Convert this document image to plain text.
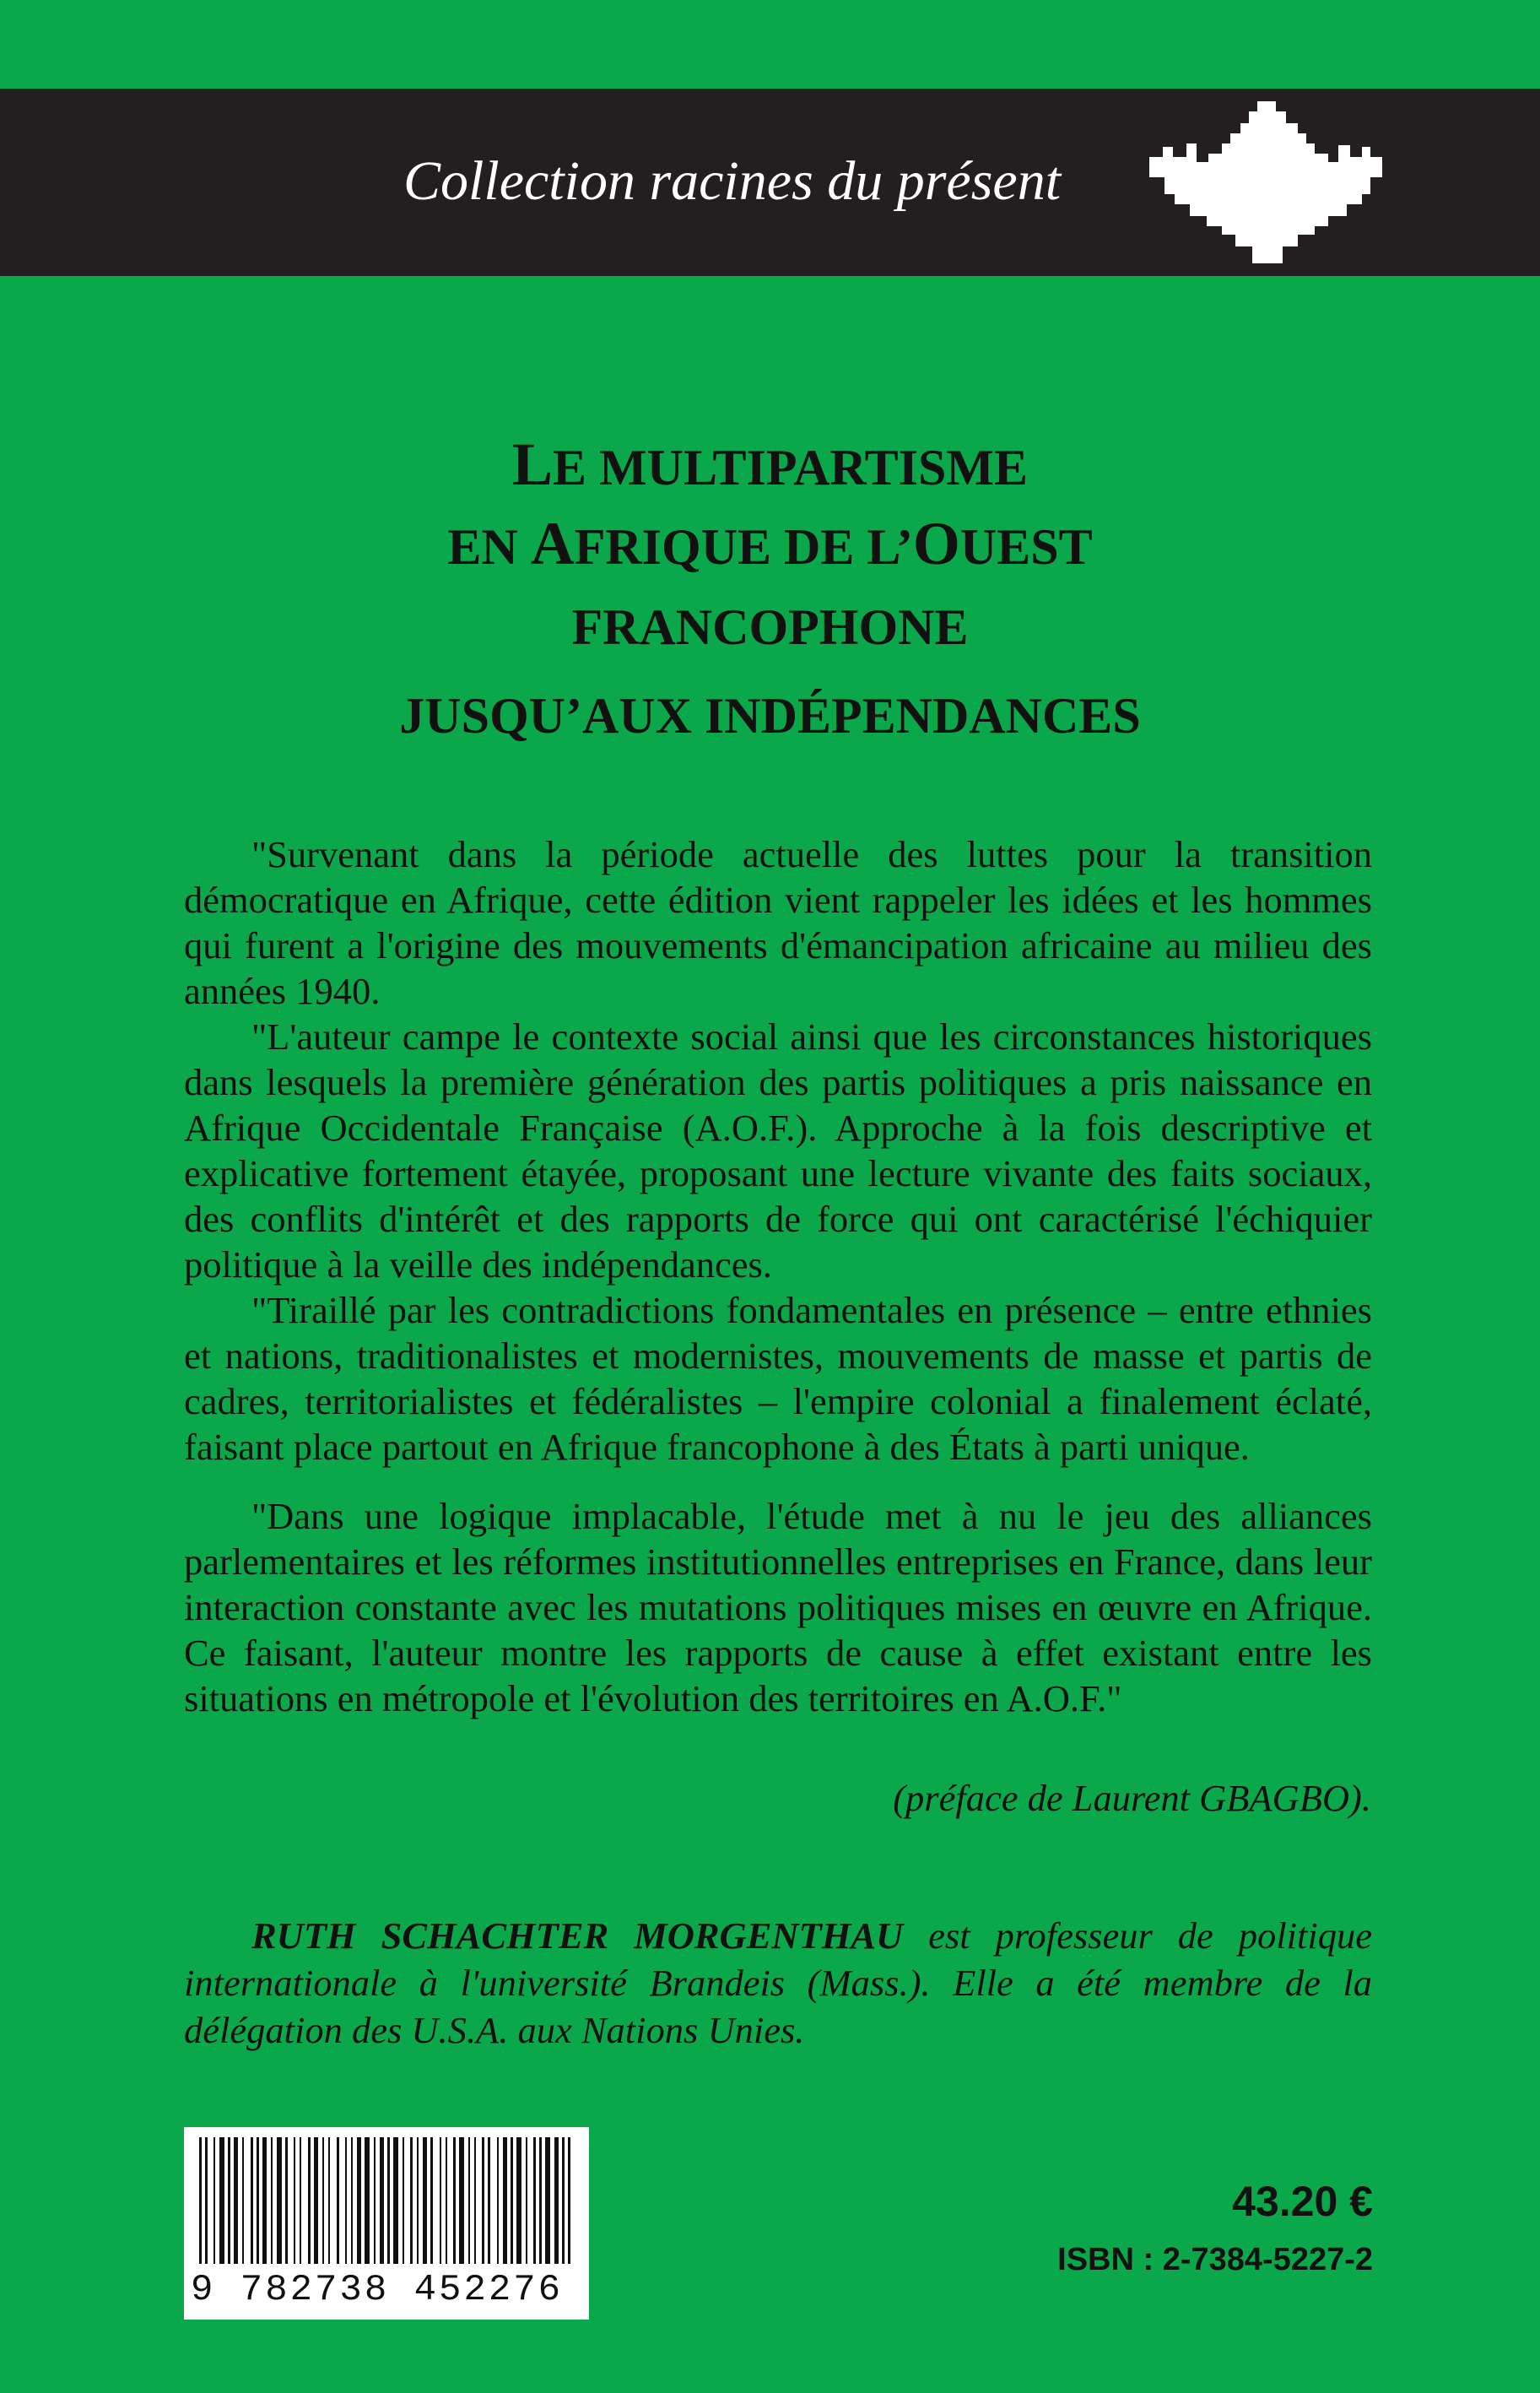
Collection racines du présent
LE MULTIPARTISME
EN AFRIQUE DE L’OUEST
FRANCOPHONE
JUSQU’AUX INDÉPENDANCES

"Survenant dans la période actuelle des luttes pour la transition démocratique en Afrique, cette édition vient rappeler les idées et les hommes qui furent a l'origine des mouvements d'émancipation africaine au milieu des années 1940.

"L'auteur campe le contexte social ainsi que les circonstances historiques dans lesquels la première génération des partis politiques a pris naissance en Afrique Occidentale Française (A.O.F.). Approche à la fois descriptive et explicative fortement étayée, proposant une lecture vivante des faits sociaux, des conflits d'intérêt et des rapports de force qui ont caractérisé l'échiquier politique à la veille des indépendances.

"Tiraillé par les contradictions fondamentales en présence – entre ethnies et nations, traditionalistes et modernistes, mouvements de masse et partis de cadres, territorialistes et fédéralistes – l'empire colonial a finalement éclaté, faisant place partout en Afrique francophone à des États à parti unique.

"Dans une logique implacable, l'étude met à nu le jeu des alliances parlementaires et les réformes institutionnelles entreprises en France, dans leur interaction constante avec les mutations politiques mises en œuvre en Afrique. Ce faisant, l'auteur montre les rapports de cause à effet existant entre les situations en métropole et l'évolution des territoires en A.O.F."

(préface de Laurent GBAGBO).
RUTH SCHACHTER MORGENTHAU est professeur de politique internationale à l'université Brandeis (Mass.). Elle a été membre de la délégation des U.S.A. aux Nations Unies.
9 782738 452276
43.20 €
ISBN : 2-7384-5227-2
